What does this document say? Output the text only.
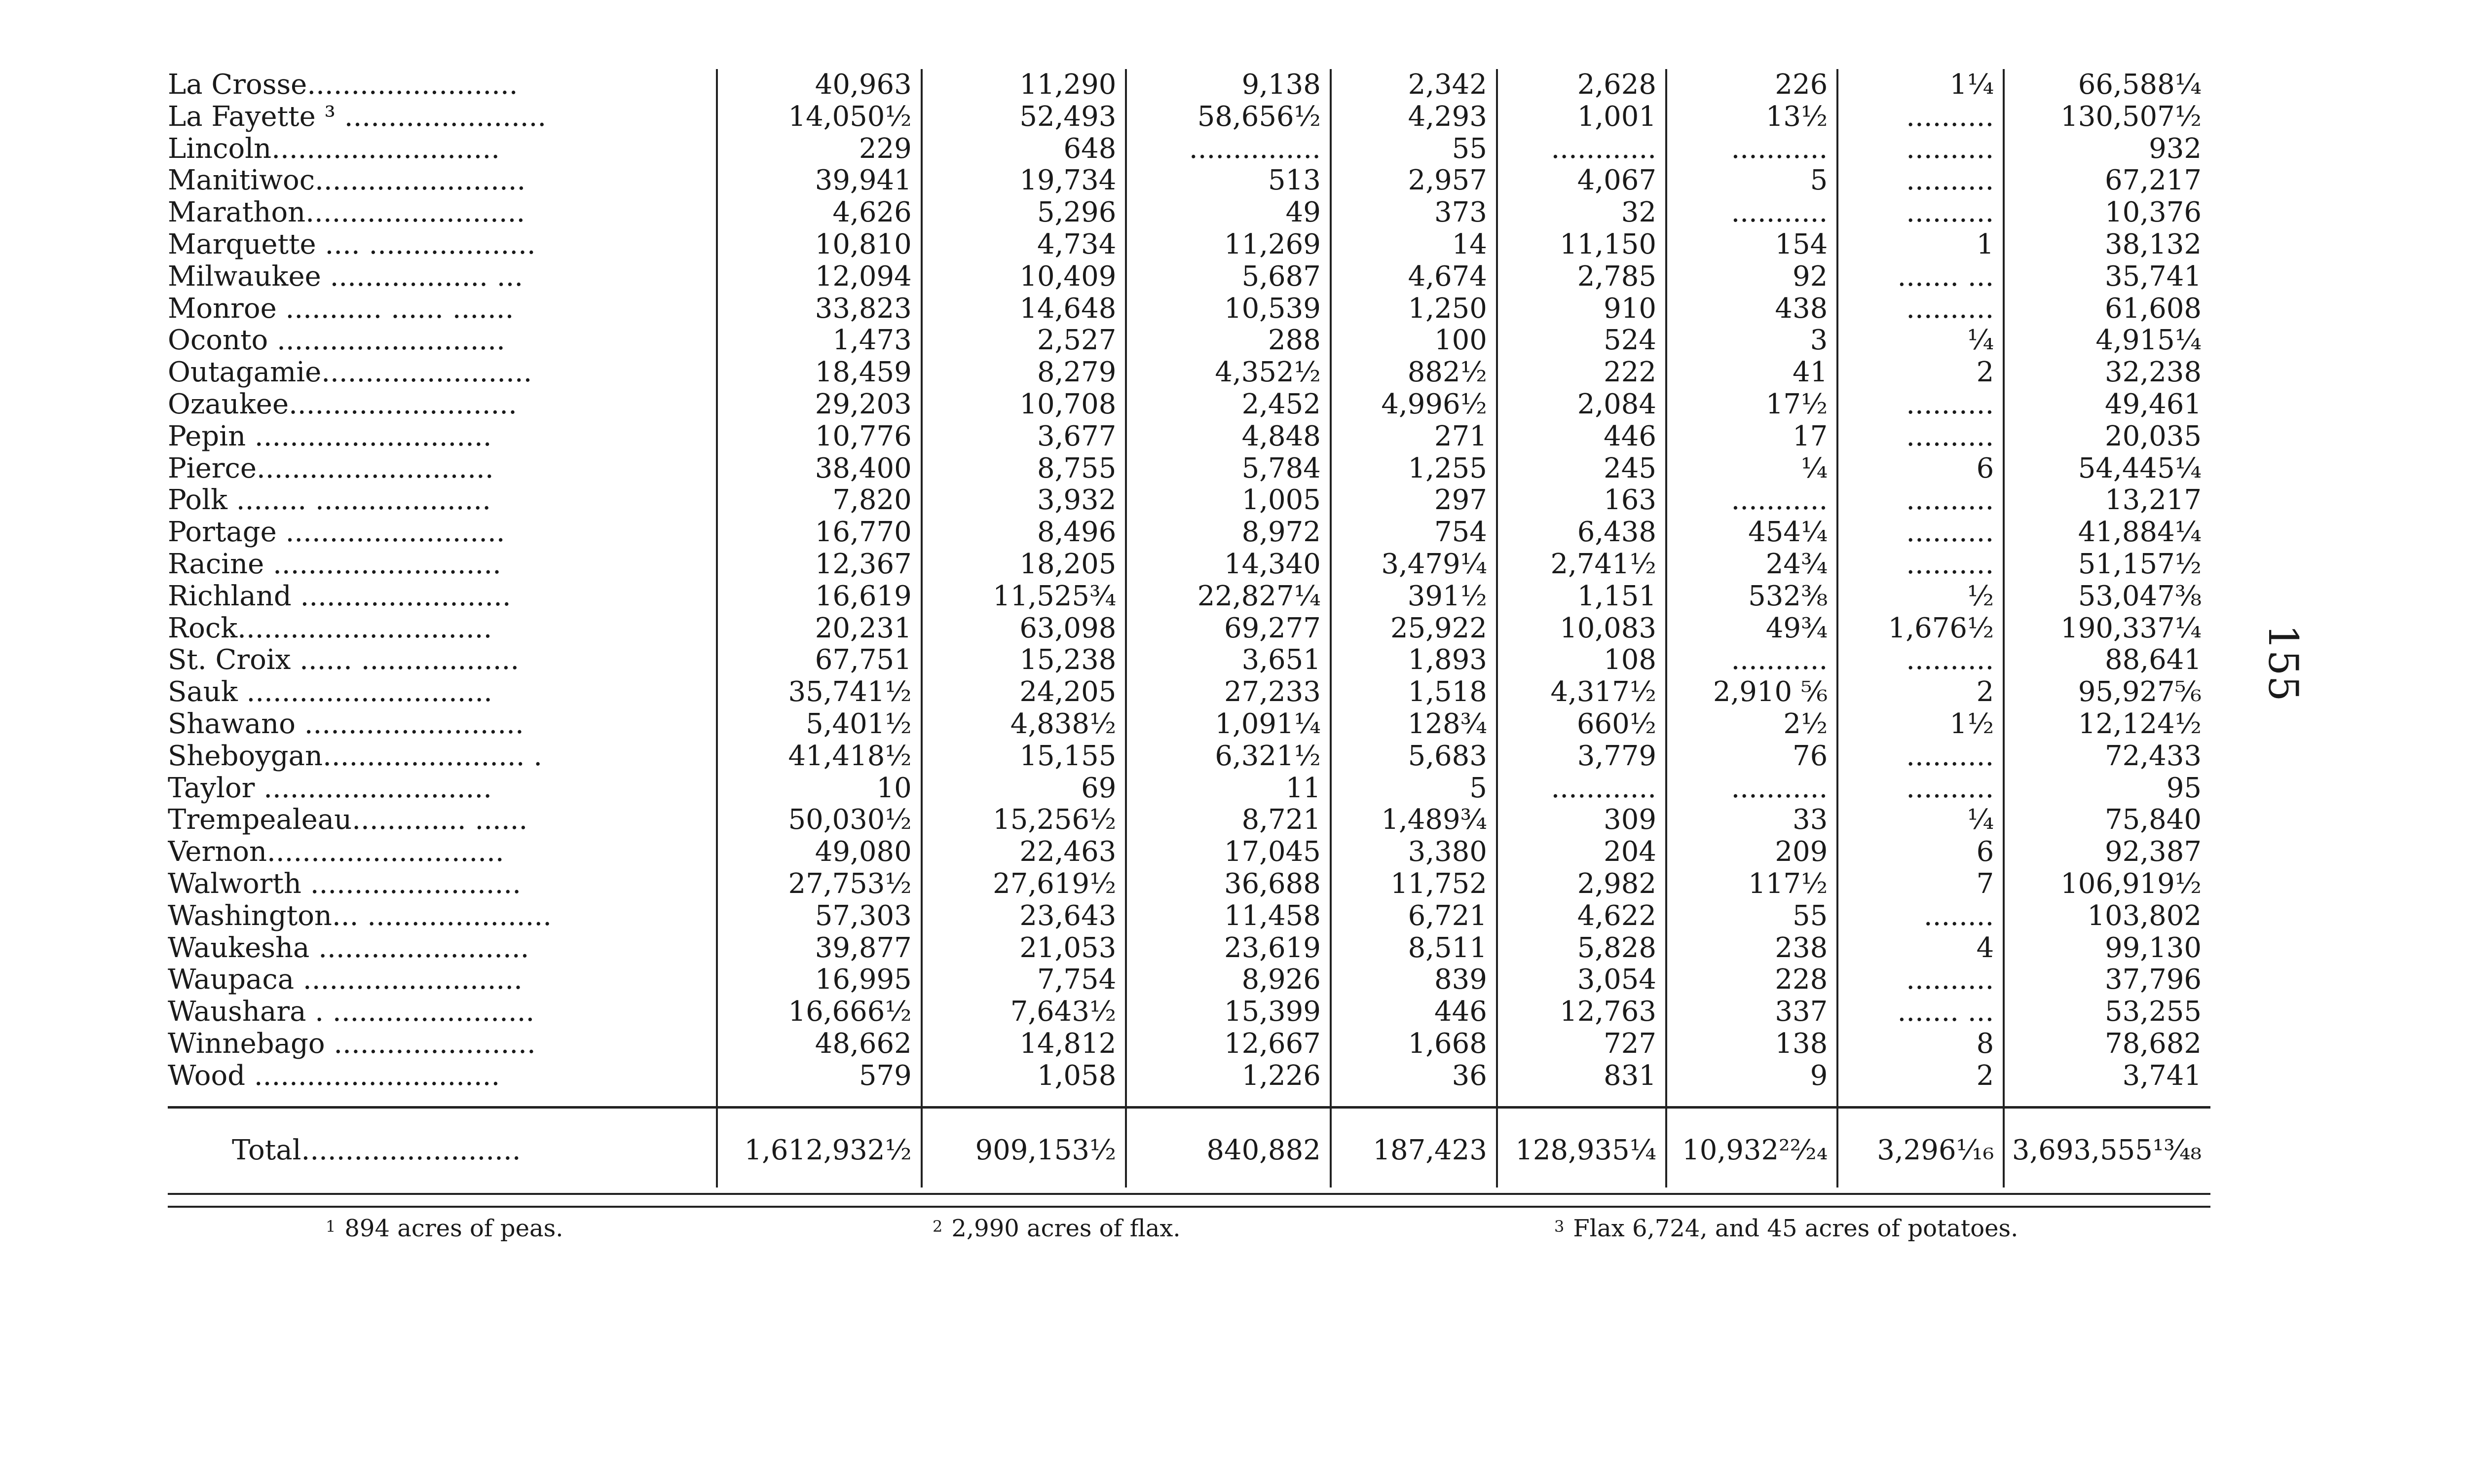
La Crosse........................	40,963	11,290	9,138	2,342	2,628	226	1¼	66,588¼
La Fayette ³ .......................	14,050½	52,493	58,656½	4,293	1,001	13½	..........	130,507½
Lincoln..........................	229	648	...............	55	............	...........	..........	932
Manitiwoc........................	39,941	19,734	513	2,957	4,067	5	..........	67,217
Marathon.........................	4,626	5,296	49	373	32	...........	..........	10,376
Marquette .... ...................	10,810	4,734	11,269	14	11,150	154	1	38,132
Milwaukee .................. ...	12,094	10,409	5,687	4,674	2,785	92	....... ...	35,741
Monroe ........... ...... .......	33,823	14,648	10,539	1,250	910	438	..........	61,608
Oconto ..........................	1,473	2,527	288	100	524	3	¼	4,915¼
Outagamie........................	18,459	8,279	4,352½	882½	222	41	2	32,238
Ozaukee..........................	29,203	10,708	2,452	4,996½	2,084	17½	..........	49,461
Pepin ...........................	10,776	3,677	4,848	271	446	17	..........	20,035
Pierce...........................	38,400	8,755	5,784	1,255	245	¼	6	54,445¼
Polk ........ ....................	7,820	3,932	1,005	297	163	...........	..........	13,217
Portage .........................	16,770	8,496	8,972	754	6,438	454¼	..........	41,884¼
Racine ..........................	12,367	18,205	14,340	3,479¼	2,741½	24¾	..........	51,157½
Richland ........................	16,619	11,525¾	22,827¼	391½	1,151	532⅜	½	53,047⅜
Rock.............................	20,231	63,098	69,277	25,922	10,083	49¾	1,676½	190,337¼
St. Croix ...... ..................	67,751	15,238	3,651	1,893	108	...........	..........	88,641
Sauk ............................	35,741½	24,205	27,233	1,518	4,317½	2,910 ⅚	2	95,927⅚
Shawano .........................	5,401½	4,838½	1,091¼	128¾	660½	2½	1½	12,124½
Sheboygan....................... .	41,418½	15,155	6,321½	5,683	3,779	76	..........	72,433
Taylor ..........................	10	69	11	5	............	...........	..........	95
Trempealeau............. ......	50,030½	15,256½	8,721	1,489¾	309	33	¼	75,840
Vernon...........................	49,080	22,463	17,045	3,380	204	209	6	92,387
Walworth ........................	27,753½	27,619½	36,688	11,752	2,982	117½	7	106,919½
Washington... .....................	57,303	23,643	11,458	6,721	4,622	55	........	103,802
Waukesha ........................	39,877	21,053	23,619	8,511	5,828	238	4	99,130
Waupaca .........................	16,995	7,754	8,926	839	3,054	228	..........	37,796
Waushara . .......................	16,666½	7,643½	15,399	446	12,763	337	....... ...	53,255
Winnebago .......................	48,662	14,812	12,667	1,668	727	138	8	78,682
Wood ............................	579	1,058	1,226	36	831	9	2	3,741

Total.........................	1,612,932½	909,153½	840,882	187,423	128,935¼	10,932²²⁄₂₄	3,296¹⁄₁₆	3,693,555¹³⁄₄₈
$^1$ 894 acres of peas.	$^2$ 2,990 acres of flax.	$^3$ Flax 6,724, and 45 acres of potatoes.
155
